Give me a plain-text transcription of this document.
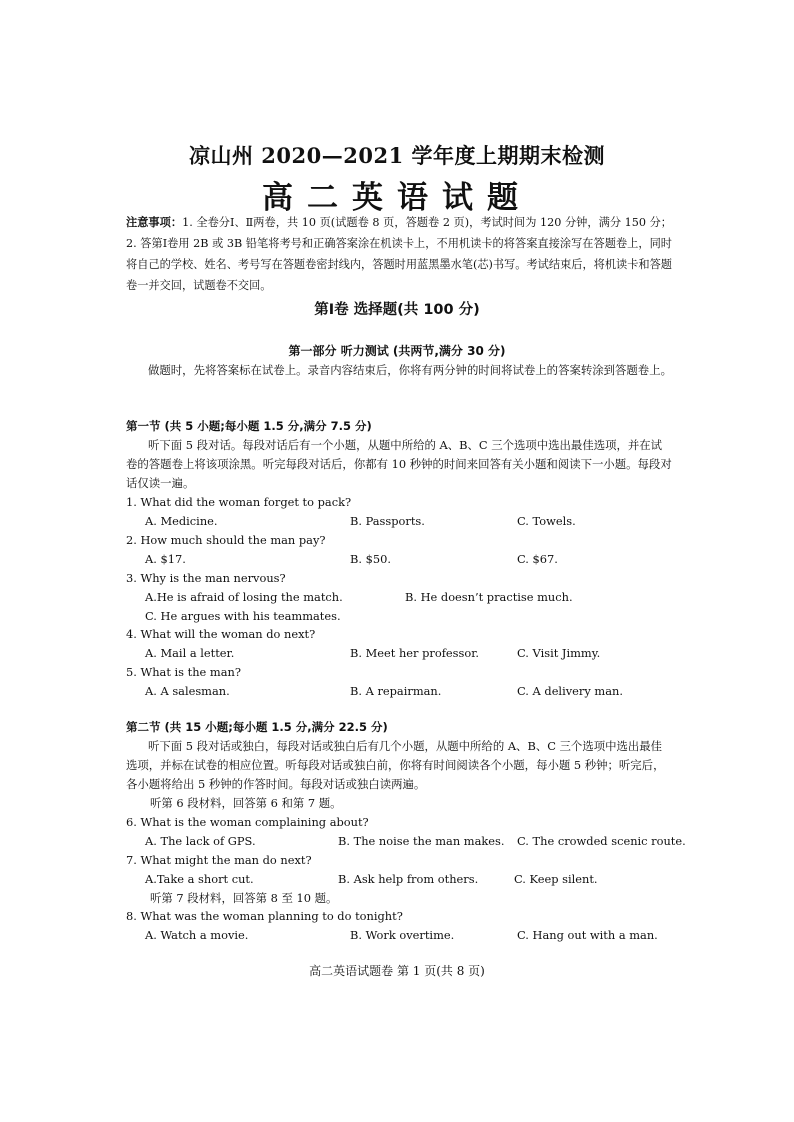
凉山州 2020—2021 学年度上期期末检测
高二英语试题
注意事项：1. 全卷分Ⅰ、Ⅱ两卷，共 10 页(试题卷 8 页，答题卷 2 页)，考试时间为 120 分钟，满分 150 分；2. 答第Ⅰ卷用 2B 或 3B 铅笔将考号和正确答案涂在机读卡上，不用机读卡的将答案直接涂写在答题卷上，同时将自己的学校、姓名、考号写在答题卷密封线内，答题时用蓝黑墨水笔(芯)书写。考试结束后，将机读卡和答题卷一并交回，试题卷不交回。
第Ⅰ卷 选择题(共 100 分)
第一部分 听力测试 (共两节,满分 30 分)
做题时，先将答案标在试卷上。录音内容结束后，你将有两分钟的时间将试卷上的答案转涂到答题卷上。
第一节 (共 5 小题;每小题 1.5 分,满分 7.5 分)
听下面 5 段对话。每段对话后有一个小题，从题中所给的 A、B、C 三个选项中选出最佳选项，并在试卷的答题卷上将该项涂黑。听完每段对话后，你都有 10 秒钟的时间来回答有关小题和阅读下一小题。每段对话仅读一遍。
1. What did the woman forget to pack?
A. Medicine.	B. Passports.	C. Towels.
2. How much should the man pay?
A. $17.	B. $50.	C. $67.
3. Why is the man nervous?
A.He is afraid of losing the match.	B. He doesn’t practise much.
C. He argues with his teammates.
4. What will the woman do next?
A. Mail a letter.	B. Meet her professor.	C. Visit Jimmy.
5. What is the man?
A. A salesman.	B. A repairman.	C. A delivery man.
第二节 (共 15 小题;每小题 1.5 分,满分 22.5 分)
听下面 5 段对话或独白，每段对话或独白后有几个小题，从题中所给的 A、B、C 三个选项中选出最佳选项，并标在试卷的相应位置。听每段对话或独白前，你将有时间阅读各个小题，每小题 5 秒钟；听完后，各小题将给出 5 秒钟的作答时间。每段对话或独白读两遍。
听第 6 段材料，回答第 6 和第 7 题。
6. What is the woman complaining about?
A. The lack of GPS.	B. The noise the man makes. C. The crowded scenic route.
7. What might the man do next?
A.Take a short cut.	B. Ask help from others.	C. Keep silent.
听第 7 段材料，回答第 8 至 10 题。
8. What was the woman planning to do tonight?
A. Watch a movie.	B. Work overtime.	C. Hang out with a man.
高二英语试题卷 第 1 页(共 8 页)
